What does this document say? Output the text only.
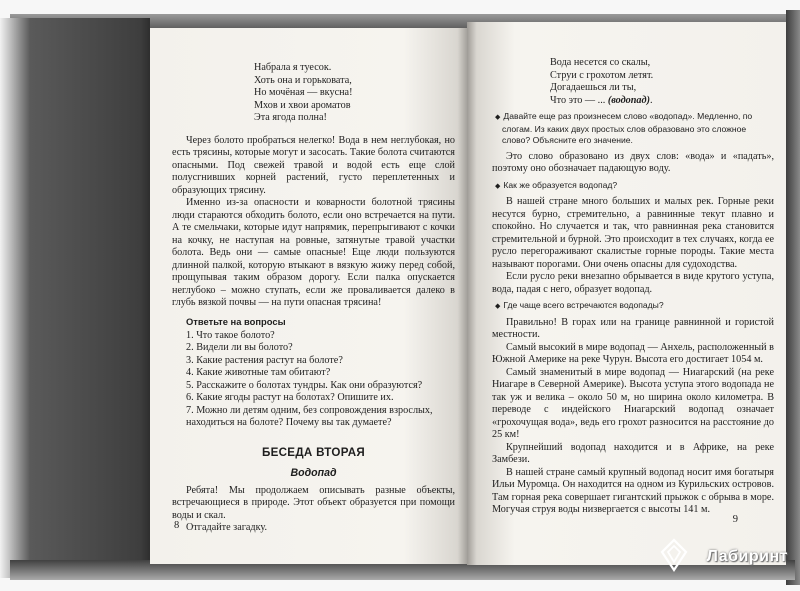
Набрала я туесок.
Хоть она и горьковата,
Но мочёная — вкусна!
Мхов и хвои ароматов
Эта ягода полна!

Через болото пробраться нелегко! Вода в нем неглубокая, но есть трясины, которые могут и засосать. Такие болота считаются опасными. Под свежей травой и водой есть еще слой полусгнивших корней растений, густо переплетенных и образующих трясину.

Именно из-за опасности и коварности болотной трясины люди стараются обходить болото, если оно встречается на пути. А те смельчаки, которые идут напрямик, перепрыгивают с кочки на кочку, не наступая на ровные, затянутые травой участки болота. Ведь они — самые опасные! Еще люди пользуются длинной палкой, которую втыкают в вязкую жижу перед собой, прощупывая таким образом дорогу. Если палка опускается неглубоко – можно ступать, если же проваливается далеко в глубь вязкой почвы — на пути опасная трясина!

Ответьте на вопросы
1. Что такое болото?
2. Видели ли вы болото?
3. Какие растения растут на болоте?
4. Какие животные там обитают?
5. Расскажите о болотах тундры. Как они образуются?
6. Какие ягоды растут на болотах? Опишите их.
7. Можно ли детям одним, без сопровождения взрослых, находиться на болоте? Почему вы так думаете?
БЕСЕДА ВТОРАЯ
Водопад

Ребята! Мы продолжаем описывать разные объекты, встречающиеся в природе. Этот объект образуется при помощи воды и скал.

Отгадайте загадку.

8
Вода несется со скалы,
Струи с грохотом летят.
Догадаешься ли ты,
Что это — ... (водопад).
◆ Давайте еще раз произнесем слово «водопад». Медленно, по слогам. Из каких двух простых слов образовано это сложное слово? Объясните его значение.

Это слово образовано из двух слов: «вода» и «падать», поэтому оно обозначает падающую воду.

◆ Как же образуется водопад?

В нашей стране много больших и малых рек. Горные реки несутся бурно, стремительно, а равнинные текут плавно и спокойно. Но случается и так, что равнинная река становится стремительной и бурной. Это происходит в тех случаях, когда ее русло перегораживают скалистые горные породы. Такие места называют порогами. Они очень опасны для судоходства.

Если русло реки внезапно обрывается в виде крутого уступа, вода, падая с него, образует водопад.

◆ Где чаще всего встречаются водопады?

Правильно! В горах или на границе равнинной и гористой местности.

Самый высокий в мире водопад — Анхель, расположенный в Южной Америке на реке Чурун. Высота его достигает 1054 м.

Самый знаменитый в мире водопад — Ниагарский (на реке Ниагаре в Северной Америке). Высота уступа этого водопада не так уж и велика – около 50 м, но ширина около километра. В переводе с индейского Ниагарский водопад означает «грохочущая вода», ведь его грохот разносится на расстояние до 25 км!

Крупнейший водопад находится и в Африке, на реке Замбези.

В нашей стране самый крупный водопад носит имя богатыря Ильи Муромца. Он находится на одном из Курильских островов. Там горная река совершает гигантский прыжок с обрыва в море. Могучая струя воды низвергается с высоты 141 м.

9
Лабиринт
